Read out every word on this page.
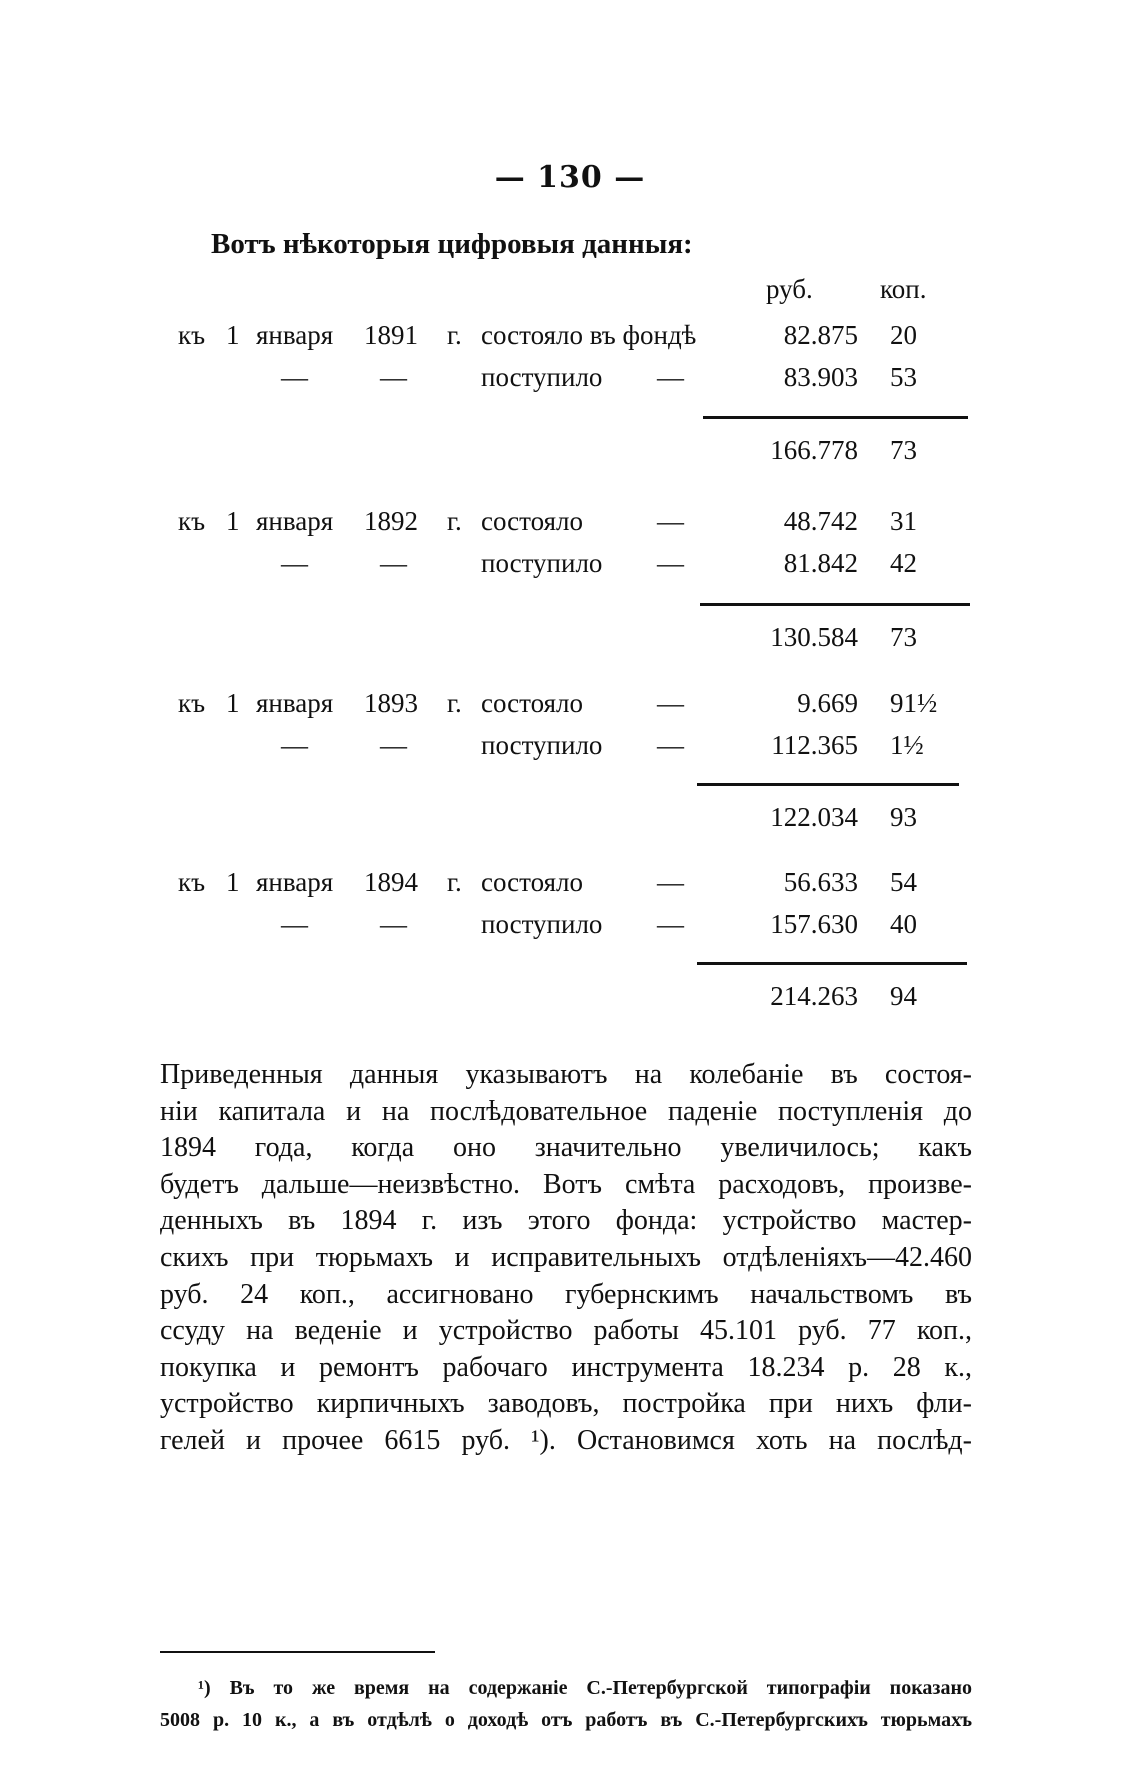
— 130 —
Вотъ нѣкоторыя цифровыя данныя:
руб. коп.
къ 1 января 1891 г. состояло въ фондѣ	82.875 20
—	—	поступило —	83.903 53
166.778 73
къ 1 января 1892 г. состояло	—	48.742 31
—	—	поступило —	81.842 42
130.584 73
къ 1 января 1893 г. состояло	—	9.669 91½
—	—	поступило —	112.365 1½
122.034 93
къ 1 января 1894 г. состояло	—	56.633 54
—	—	поступило —	157.630 40
214.263 94
Приведенныя данныя указываютъ на колебаніе въ состоя-
ніи капитала и на послѣдовательное паденіе поступленія до
1894 года, когда оно значительно увеличилось; какъ
будетъ дальше—неизвѣстно. Вотъ смѣта расходовъ, произве-
денныхъ въ 1894 г. изъ этого фонда: устройство мастер-
скихъ при тюрьмахъ и исправительныхъ отдѣленіяхъ—42.460
руб. 24 коп., ассигновано губернскимъ начальствомъ въ
ссуду на веденіе и устройство работы 45.101 руб. 77 коп.,
покупка и ремонтъ рабочаго инструмента 18.234 р. 28 к.,
устройство кирпичныхъ заводовъ, постройка при нихъ фли-
гелей и прочее 6615 руб. ¹). Остановимся хоть на послѣд-
¹) Въ то же время на содержаніе С.-Петербургской типографіи показано
5008 р. 10 к., а въ отдѣлѣ о доходѣ отъ работъ въ С.-Петербургскихъ тюрьмахъ
